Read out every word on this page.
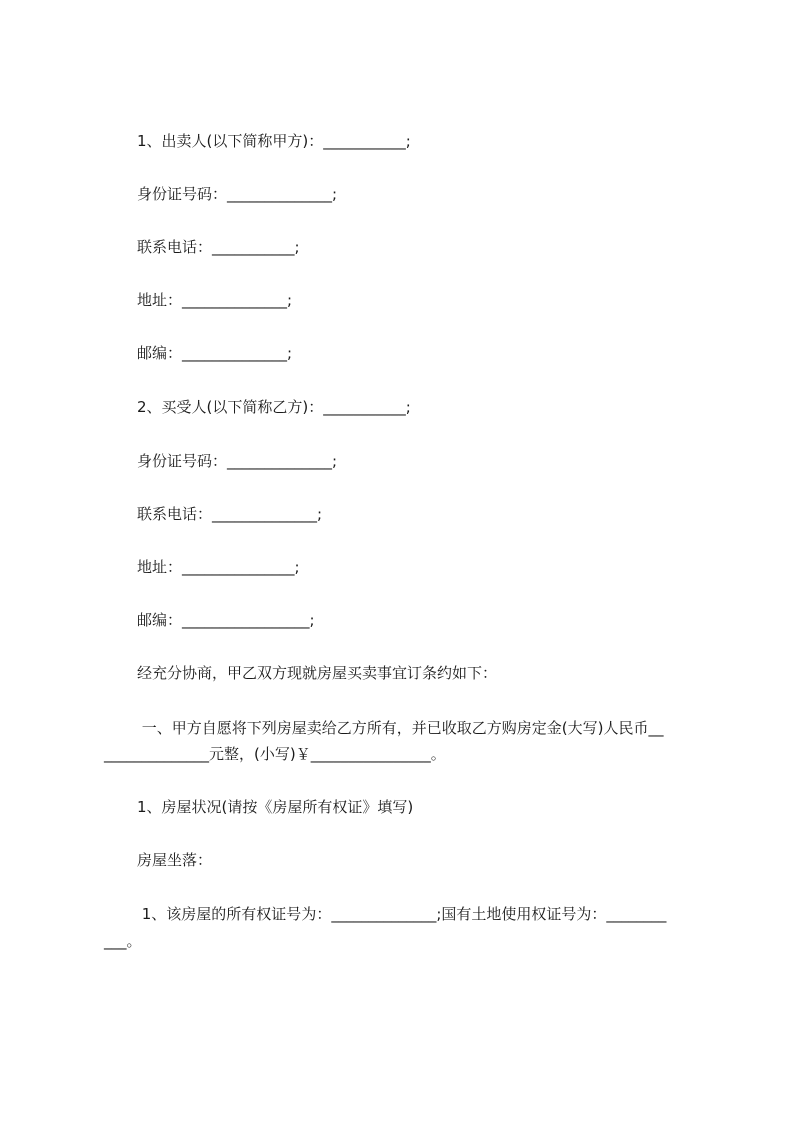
1、出卖人(以下简称甲方)：___________;
身份证号码：______________;
联系电话：___________;
地址：______________;
邮编：______________;
2、买受人(以下简称乙方)：___________;
身份证号码：______________;
联系电话：______________;
地址：_______________;
邮编：_________________;
经充分协商，甲乙双方现就房屋买卖事宜订条约如下：
一、甲方自愿将下列房屋卖给乙方所有，并已收取乙方购房定金(大写)人民币__
______________元整，(小写)￥________________。
1、房屋状况(请按《房屋所有权证》填写)
房屋坐落：
1、该房屋的所有权证号为：______________;国有土地使用权证号为：________
___。
